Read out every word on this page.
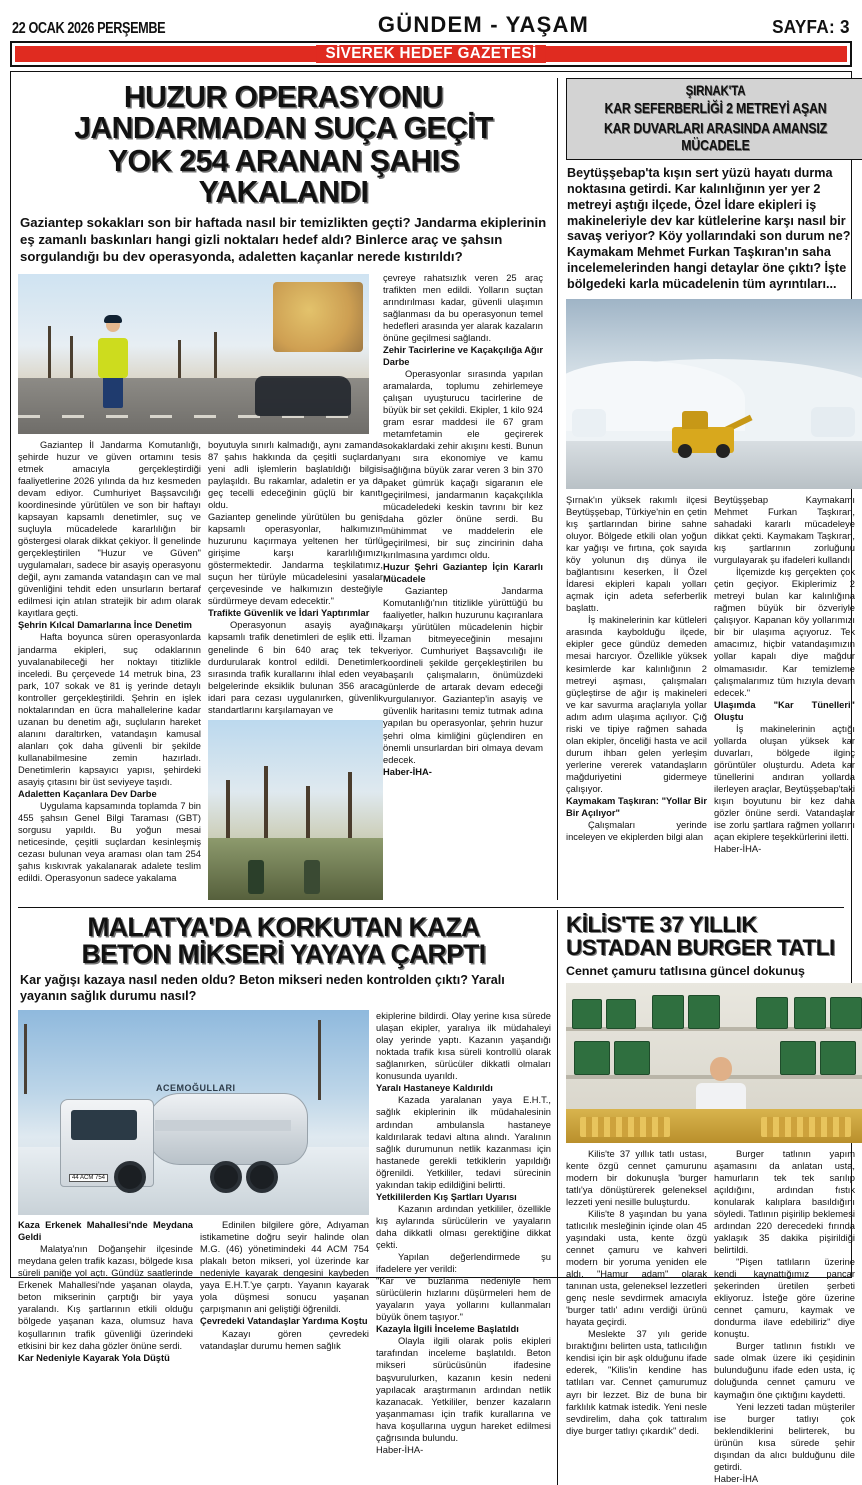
22 OCAK 2026 PERŞEMBE	GÜNDEM - YAŞAM	SAYFA: 3
SİVEREK HEDEF GAZETESİ
HUZUR OPERASYONU JANDARMADAN SUÇA GEÇİT
YOK 254 ARANAN ŞAHIS YAKALANDI
Gaziantep sokakları son bir haftada nasıl bir temizlikten geçti? Jandarma ekiplerinin eş zamanlı baskınları hangi gizli noktaları hedef aldı? Binlerce araç ve şahsın sorgulandığı bu dev operasyonda, adaletten kaçanlar nerede kıstırıldı?

Gaziantep İl Jandarma Komutanlığı, şehirde huzur ve güven ortamını tesis etmek amacıyla gerçekleştirdiği faaliyetlerine 2026 yılında da hız kesmeden devam ediyor. Cumhuriyet Başsavcılığı koordinesinde yürütülen ve son bir haftayı kapsayan kapsamlı denetimler, suç ve suçluyla mücadelede kararlılığın bir göstergesi olarak dikkat çekiyor. İl genelinde gerçekleştirilen "Huzur ve Güven" uygulamaları, sadece bir asayiş operasyonu değil, aynı zamanda vatandaşın can ve mal güvenliğini tehdit eden unsurların bertaraf edilmesi için atılan stratejik bir adım olarak kayıtlara geçti.

Şehrin Kılcal Damarlarına İnce Denetim

Hafta boyunca süren operasyonlarda jandarma ekipleri, suç odaklarının yuvalanabileceği her noktayı titizlikle inceledi. Bu çerçevede 14 metruk bina, 23 park, 107 sokak ve 81 iş yerinde detaylı kontroller gerçekleştirildi. Şehrin en işlek noktalarından en ücra mahallelerine kadar uzanan bu denetim ağı, suçluların hareket alanını daraltırken, vatandaşın kamusal alanları çok daha güvenli bir şekilde kullanabilmesine zemin hazırladı. Denetimlerin kapsayıcı yapısı, şehirdeki asayiş çıtasını bir üst seviyeye taşıdı.

Adaletten Kaçanlara Dev Darbe

Uygulama kapsamında toplamda 7 bin 455 şahsın Genel Bilgi Taraması (GBT) sorgusu yapıldı. Bu yoğun mesai neticesinde, çeşitli suçlardan kesinleşmiş cezası bulunan veya araması olan tam 254 şahıs kıskıvrak yakalanarak adalete teslim edildi. Operasyonun sadece yakalama

boyutuyla sınırlı kalmadığı, aynı zamanda 87 şahıs hakkında da çeşitli suçlardan yeni adli işlemlerin başlatıldığı bilgisi paylaşıldı. Bu rakamlar, adaletin er ya da geç tecelli edeceğinin güçlü bir kanıtı oldu.

Gaziantep genelinde yürütülen bu geniş kapsamlı operasyonlar, halkımızın huzurunu kaçırmaya yeltenen her türlü girişime karşı kararlılığımızı göstermektedir. Jandarma teşkilatımız, suçun her türüyle mücadelesini yasalar çerçevesinde ve halkımızın desteğiyle sürdürmeye devam edecektir."

Trafikte Güvenlik ve İdari Yaptırımlar

Operasyonun asayiş ayağına kapsamlı trafik denetimleri de eşlik etti. İl genelinde 6 bin 640 araç tek tek durdurularak kontrol edildi. Denetimler sırasında trafik kurallarını ihlal eden veya belgelerinde eksiklik bulunan 356 araca idari para cezası uygulanırken, güvenlik standartlarını karşılamayan ve

çevreye rahatsızlık veren 25 araç trafikten men edildi. Yolların suçtan arındırılması kadar, güvenli ulaşımın sağlanması da bu operasyonun temel hedefleri arasında yer alarak kazaların önüne geçilmesi sağlandı.

Zehir Tacirlerine ve Kaçakçılığa Ağır Darbe

Operasyonlar sırasında yapılan aramalarda, toplumu zehirlemeye çalışan uyuşturucu tacirlerine de büyük bir set çekildi. Ekipler, 1 kilo 924 gram esrar maddesi ile 67 gram metamfetamin ele geçirerek sokaklardaki zehir akışını kesti. Bunun yanı sıra ekonomiye ve kamu sağlığına büyük zarar veren 3 bin 370 paket gümrük kaçağı sigaranın ele geçirilmesi, jandarmanın kaçakçılıkla mücadeledeki keskin tavrını bir kez daha gözler önüne serdi. Bu mühimmat ve maddelerin ele geçirilmesi, bir suç zincirinin daha kırılmasına yardımcı oldu.

Huzur Şehri Gaziantep İçin Kararlı Mücadele

Gaziantep Jandarma Komutanlığı'nın titizlikle yürüttüğü bu faaliyetler, halkın huzurunu kaçıranlara karşı yürütülen mücadelenin hiçbir zaman bitmeyeceğinin mesajını veriyor. Cumhuriyet Başsavcılığı ile koordineli şekilde gerçekleştirilen bu başarılı çalışmaların, önümüzdeki günlerde de artarak devam edeceği vurgulanıyor. Gaziantep'in asayiş ve güvenlik haritasını temiz tutmak adına yapılan bu operasyonlar, şehrin huzur şehri olma kimliğini güçlendiren en önemli unsurlardan biri olmaya devam edecek.

Haber-İHA-

ŞIRNAK'TA
KAR SEFERBERLİĞİ 2 METREYİ AŞAN
KAR DUVARLARI ARASINDA AMANSIZ MÜCADELE
Beytüşşebap'ta kışın sert yüzü hayatı durma noktasına getirdi. Kar kalınlığının yer yer 2 metreyi aştığı ilçede, Özel İdare ekipleri iş makineleriyle dev kar kütlelerine karşı nasıl bir savaş veriyor? Köy yollarındaki son durum ne? Kaymakam Mehmet Furkan Taşkıran'ın saha incelemelerinden hangi detaylar öne çıktı? İşte bölgedeki karla mücadelenin tüm ayrıntıları...

Şırnak'ın yüksek rakımlı ilçesi Beytüşşebap, Türkiye'nin en çetin kış şartlarından birine sahne oluyor. Bölgede etkili olan yoğun kar yağışı ve fırtına, çok sayıda köy yolunun dış dünya ile bağlantısını keserken, İl Özel İdaresi ekipleri kapalı yolları açmak için adeta seferberlik başlattı.

İş makinelerinin kar kütleleri arasında kaybolduğu ilçede, ekipler gece gündüz demeden mesai harcıyor. Özellikle yüksek kesimlerde kar kalınlığının 2 metreyi aşması, çalışmaları güçleştirse de ağır iş makineleri ve kar savurma araçlarıyla yollar adım adım ulaşıma açılıyor. Çığ riski ve tipiye rağmen sahada olan ekipler, önceliği hasta ve acil durum ihbarı gelen yerleşim yerlerine vererek vatandaşların mağduriyetini gidermeye çalışıyor.

Kaymakam Taşkıran: "Yollar Bir Bir Açılıyor"

Çalışmaları yerinde inceleyen ve ekiplerden bilgi alan

Beytüşşebap Kaymakamı Mehmet Furkan Taşkıran, sahadaki kararlı mücadeleye dikkat çekti. Kaymakam Taşkıran, kış şartlarının zorluğunu vurgulayarak şu ifadeleri kullandı:

İlçemizde kış gerçekten çok çetin geçiyor. Ekiplerimiz 2 metreyi bulan kar kalınlığına rağmen büyük bir özveriyle çalışıyor. Kapanan köy yollarımızı bir bir ulaşıma açıyoruz. Tek amacımız, hiçbir vatandaşımızın yollar kapalı diye mağdur olmamasıdır. Kar temizleme çalışmalarımız tüm hızıyla devam edecek."

Ulaşımda "Kar Tünelleri" Oluştu

İş makinelerinin açtığı yollarda oluşan yüksek kar duvarları, bölgede ilginç görüntüler oluşturdu. Adeta kar tünellerini andıran yollarda ilerleyen araçlar, Beytüşşebap'taki kışın boyutunu bir kez daha gözler önüne serdi. Vatandaşlar ise zorlu şartlara rağmen yollarını açan ekiplere teşekkürlerini iletti.

Haber-İHA-

MALATYA'DA KORKUTAN KAZA
BETON MİKSERİ YAYAYA ÇARPTI
Kar yağışı kazaya nasıl neden oldu? Beton mikseri neden kontrolden çıktı? Yaralı yayanın sağlık durumu nasıl?
44 ACM 754
ACEMOĞULLARI

Kaza Erkenek Mahallesi'nde Meydana Geldi

Malatya'nın Doğanşehir ilçesinde meydana gelen trafik kazası, bölgede kısa süreli paniğe yol açtı. Gündüz saatlerinde Erkenek Mahallesi'nde yaşanan olayda, beton mikserinin çarptığı bir yaya yaralandı. Kış şartlarının etkili olduğu bölgede yaşanan kaza, olumsuz hava koşullarının trafik güvenliği üzerindeki etkisini bir kez daha gözler önüne serdi.

Kar Nedeniyle Kayarak Yola Düştü

Edinilen bilgilere göre, Adıyaman istikametine doğru seyir halinde olan M.G. (46) yönetimindeki 44 ACM 754 plakalı beton mikseri, yol üzerinde kar nedeniyle kayarak dengesini kaybeden yaya E.H.T.'ye çarptı. Yayanın kayarak yola düşmesi sonucu yaşanan çarpışmanın ani geliştiği öğrenildi.

Çevredeki Vatandaşlar Yardıma Koştu

Kazayı gören çevredeki vatandaşlar durumu hemen sağlık

ekiplerine bildirdi. Olay yerine kısa sürede ulaşan ekipler, yaralıya ilk müdahaleyi olay yerinde yaptı. Kazanın yaşandığı noktada trafik kısa süreli kontrollü olarak sağlanırken, sürücüler dikkatli olmaları konusunda uyarıldı.

Yaralı Hastaneye Kaldırıldı

Kazada yaralanan yaya E.H.T., sağlık ekiplerinin ilk müdahalesinin ardından ambulansla hastaneye kaldırılarak tedavi altına alındı. Yaralının sağlık durumunun netlik kazanması için hastanede gerekli tetkiklerin yapıldığı öğrenildi. Yetkililer, tedavi sürecinin yakından takip edildiğini belirtti.

Yetkililerden Kış Şartları Uyarısı

Kazanın ardından yetkililer, özellikle kış aylarında sürücülerin ve yayaların daha dikkatli olması gerektiğine dikkat çekti.

Yapılan değerlendirmede şu ifadelere yer verildi:

"Kar ve buzlanma nedeniyle hem sürücülerin hızlarını düşürmeleri hem de yayaların yaya yollarını kullanmaları büyük önem taşıyor."

Kazayla İlgili İnceleme Başlatıldı

Olayla ilgili olarak polis ekipleri tarafından inceleme başlatıldı. Beton mikseri sürücüsünün ifadesine başvurulurken, kazanın kesin nedeni yapılacak araştırmanın ardından netlik kazanacak. Yetkililer, benzer kazaların yaşanmaması için trafik kurallarına ve hava koşullarına uygun hareket edilmesi çağrısında bulundu.

Haber-İHA-

KİLİS'TE 37 YILLIK
USTADAN BURGER TATLI
Cennet çamuru tatlısına güncel dokunuş

Kilis'te 37 yıllık tatlı ustası, kente özgü cennet çamurunu modern bir dokunuşla 'burger tatlı'ya dönüştürerek geleneksel lezzeti yeni nesille buluşturdu.

Kilis'te 8 yaşından bu yana tatlıcılık mesleğinin içinde olan 45 yaşındaki usta, kente özgü cennet çamuru ve kahveri modern bir yoruma yeniden ele aldı. "Hamur adam" olarak tanınan usta, geleneksel lezzetleri genç nesle sevdirmek amacıyla 'burger tatlı' adını verdiği ürünü hayata geçirdi.

Meslekte 37 yılı geride bıraktığını belirten usta, tatlıcılığın kendisi için bir aşk olduğunu ifade ederek, "Kilis'in kendine has tatlıları var. Cennet çamurumuz ayrı bir lezzet. Biz de buna bir farklılık katmak istedik. Yeni nesle sevdirelim, daha çok tattıralım diye burger tatlıyı çıkardık" dedi.

Burger tatlının yapım aşamasını da anlatan usta, hamurların tek tek sarılıp açıldığını, ardından fıstık konularak kalıplara basıldığını söyledi. Tatlının pişirilip beklemesi ardından 220 derecedeki fırında yaklaşık 35 dakika pişirildiği belirtildi.

"Pişen tatlıların üzerine kendi kaynattığımız pancar şekerinden üretilen şerbeti ekliyoruz. İsteğe göre üzerine cennet çamuru, kaymak ve dondurma ilave edebiliriz" diye konuştu.

Burger tatlının fıstıklı ve sade olmak üzere iki çeşidinin bulunduğunu ifade eden usta, iç doluğunda cennet çamuru ve kaymağın öne çıktığını kaydetti.

Yeni lezzeti tadan müşteriler ise burger tatlıyı çok beklendiklerini belirterek, bu ürünün kısa sürede şehir dışından da alıcı bulduğunu dile getirdi.

Haber-İHA
